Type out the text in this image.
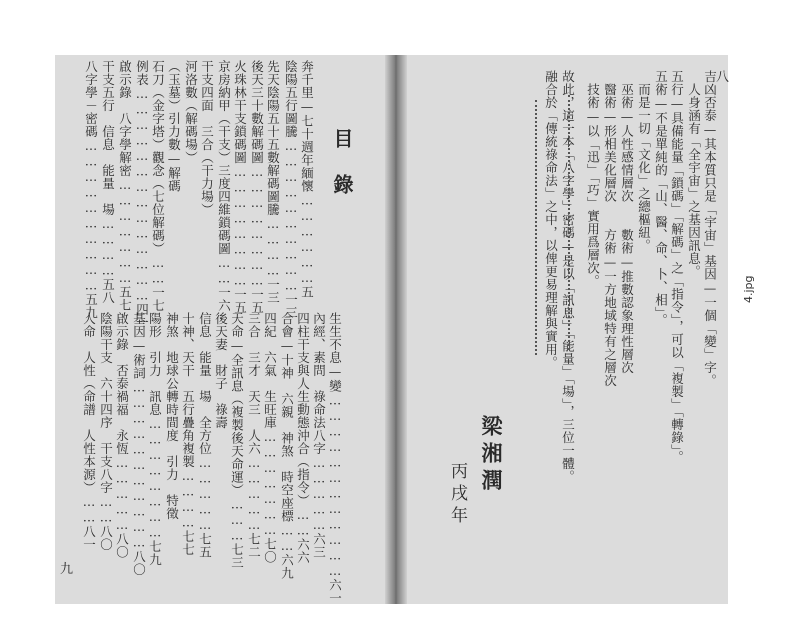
目錄
奔千里—七十週年緬懷………………五
陰陽五行圖騰…………………………一三
先天陰陽五十五數解碼圖騰…………一三
後天三十數解碼圖……………………一五
火珠林干支鎖碼圖……………………一五
京房納甲（干支）三度四維鎖碼圖……一六
干支四面　三合（干力場）
河洛數（解碼場）
（玉墓）引力數—解碼
石刀（金字塔）觀念（七位解碼）……一七
例表……………………………………四一
啟示錄　八字學解密…………………五七
干支五行　信息　能量　場…………五八
八字學－密碼…………………………五九
生生不息—變………………………………六一
內經、素問　祿命法八字……………六三
四柱干支與人生動態沖合（指令）……六六
合會—十神　六親　神煞　時空座標……六九
四紀　六氣　生旺庫…………………七〇
三合　三才　天三　人六……………七二
天命—全訊息（複製後天命運）………七三
後天妻　財子　祿壽
信息　能量　場　全方位……………七五
十神、天干　五行疊角複製…………七七
神煞　地球公轉時間度　引力　特徵
陽形　引力　訊息……………………七九
基因—術詞……………………………八〇
啟示錄　否泰禍福　永恆……………八〇
陰陽干支　六十四序　干支八字……八〇
人命　人性（命譜　人性本源）……八一
九
吉凶否泰—其本質只是「宇宙」基因—一個「變」字。
　人身涵有「全宇宙」之基因訊息。
五行—具備能量「鎖碼」「解碼」之「指令」，可以「複製」「轉錄」。
五術—不是單純的「山、醫、命、卜、相」。
　而是一切「文化」之總樞紐。
　巫術—人性感情層次　　數術—推數認象理性層次
　醫術—形相美化層次　　方術—一方地域特有之層次
　技術—以「迅」「巧」實用爲層次。
故此，這一本「八字學」密碼—是以「訊息」「能量」「場」，三位一體。
融合於「傳統祿命法」之中，以俾更易理解與實用。
梁湘潤
丙戌年
八
4.jpg
